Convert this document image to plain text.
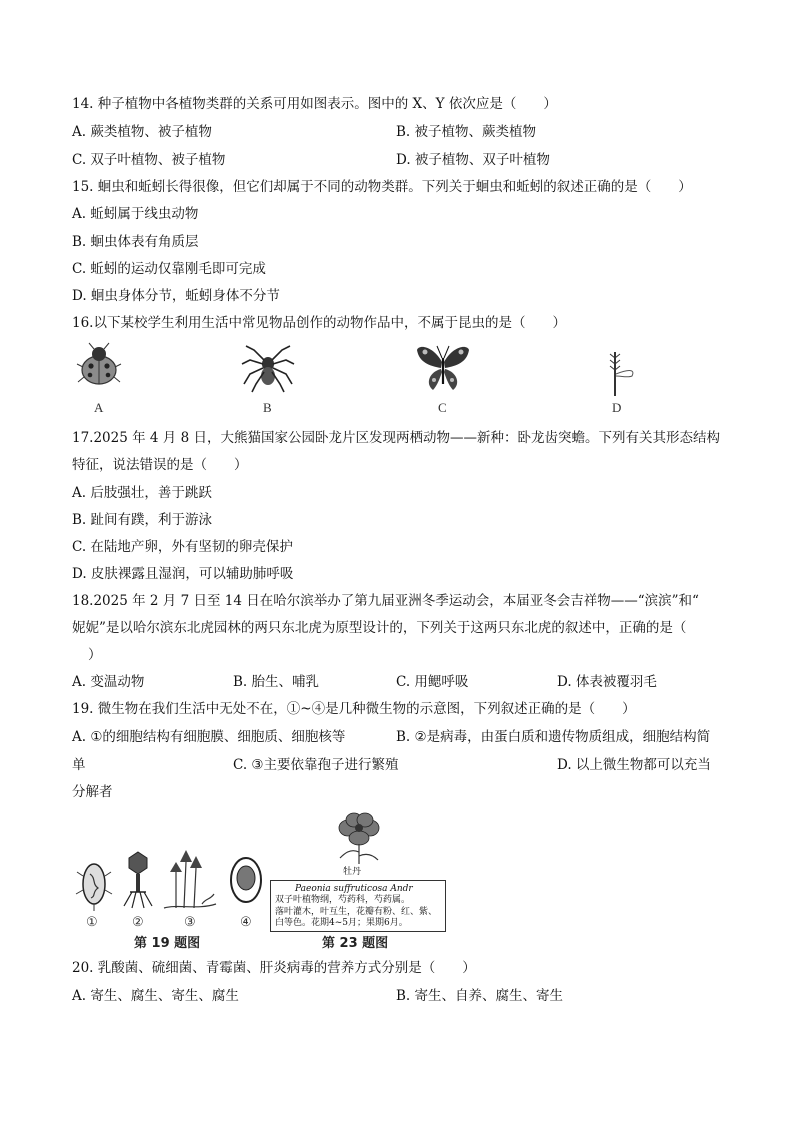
14. 种子植物中各植物类群的关系可用如图表示。图中的 X、Y 依次应是（　　）
A. 蕨类植物、被子植物	B. 被子植物、蕨类植物
C. 双子叶植物、被子植物	D. 被子植物、双子叶植物
15. 蛔虫和蚯蚓长得很像，但它们却属于不同的动物类群。下列关于蛔虫和蚯蚓的叙述正确的是（　　）
A. 蚯蚓属于线虫动物
B. 蛔虫体表有角质层
C. 蚯蚓的运动仅靠刚毛即可完成
D. 蛔虫身体分节，蚯蚓身体不分节
16.以下某校学生利用生活中常见物品创作的动物作品中，不属于昆虫的是（　　）
A	B	C	D
17.2025 年 4 月 8 日，大熊猫国家公园卧龙片区发现两栖动物——新种：卧龙齿突蟾。下列有关其形态结构
特征，说法错误的是（　　）
A. 后肢强壮，善于跳跃
B. 趾间有蹼，利于游泳
C. 在陆地产卵，外有坚韧的卵壳保护
D. 皮肤裸露且湿润，可以辅助肺呼吸
18.2025 年 2 月 7 日至 14 日在哈尔滨举办了第九届亚洲冬季运动会，本届亚冬会吉祥物——“滨滨”和“
妮妮”是以哈尔滨东北虎园林的两只东北虎为原型设计的，下列关于这两只东北虎的叙述中，正确的是（
）
A. 变温动物	B. 胎生、哺乳	C. 用鳃呼吸	D. 体表被覆羽毛
19. 微生物在我们生活中无处不在，①~④是几种微生物的示意图，下列叙述正确的是（　　）
A. ①的细胞结构有细胞膜、细胞质、细胞核等	B. ②是病毒，由蛋白质和遗传物质组成，细胞结构简
单	C. ③主要依靠孢子进行繁殖	D. 以上微生物都可以充当
分解者
①	②	③	④
第 19 题图
牡丹
Paeonia suffruticosa Andr
双子叶植物纲，芍药科，芍药属。
落叶灌木，叶互生，花瓣有粉、红、紫、
白等色。花期4~5月；果期6月。
第 23 题图
20. 乳酸菌、硫细菌、青霉菌、肝炎病毒的营养方式分别是（　　）
A. 寄生、腐生、寄生、腐生	B. 寄生、自养、腐生、寄生
